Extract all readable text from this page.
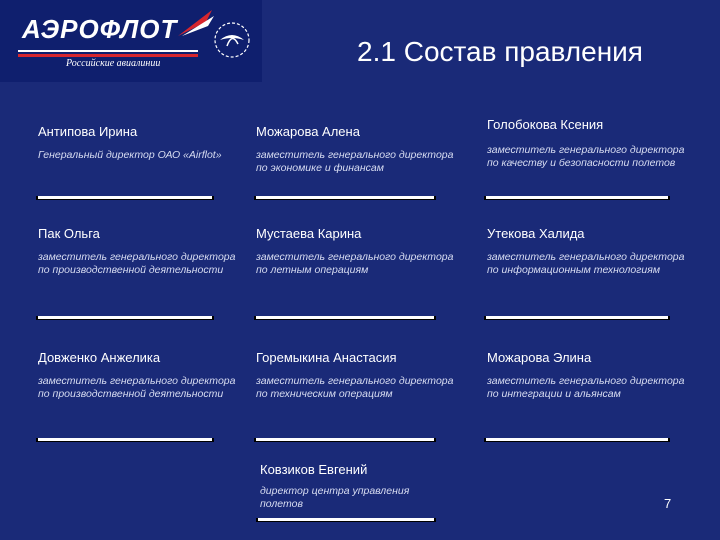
АЭРОФЛОТ
Российские авиалинии	2.1 Состав правления
Антипова Ирина
Генеральный директор ОАО «Airflot»
Можарова Алена
заместитель генерального директора по экономике и финансам
Голобокова Ксения
заместитель генерального директора по качеству и безопасности полетов
Пак Ольга
заместитель генерального директора по производственной деятельности
Мустаева Карина
заместитель генерального директора по летным операциям
Утекова Халида
заместитель генерального директора по информационным технологиям
Довженко Анжелика
заместитель генерального директора по производственной деятельности
Горемыкина Анастасия
заместитель генерального директора по техническим операциям
Можарова Элина
заместитель генерального директора по интеграции и альянсам
Ковзиков Евгений
директор центра управления полетов	7
